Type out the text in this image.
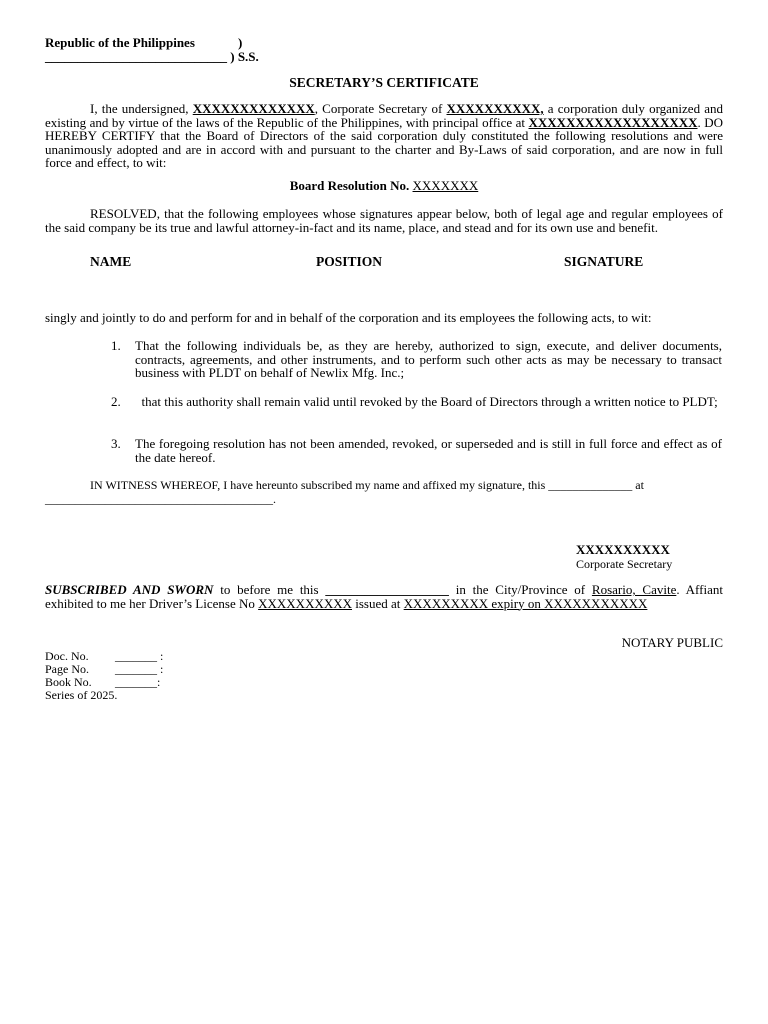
Republic of the Philippines	)
____________________________ ) S.S.
SECRETARY’S CERTIFICATE
I, the undersigned, XXXXXXXXXXXXX, Corporate Secretary of XXXXXXXXXX, a corporation duly organized and existing and by virtue of the laws of the Republic of the Philippines, with principal office at XXXXXXXXXXXXXXXXXX. DO HEREBY CERTIFY that the Board of Directors of the said corporation duly constituted the following resolutions and were unanimously adopted and are in accord with and pursuant to the charter and By-Laws of said corporation, and are now in full force and effect, to wit:
Board Resolution No. XXXXXXX
RESOLVED, that the following employees whose signatures appear below, both of legal age and regular employees of the said company be its true and lawful attorney-in-fact and its name, place, and stead and for its own use and benefit.
NAME	POSITION	SIGNATURE
singly and jointly to do and perform for and in behalf of the corporation and its employees the following acts, to wit:
1. That the following individuals be, as they are hereby, authorized to sign, execute, and deliver documents, contracts, agreements, and other instruments, and to perform such other acts as may be necessary to transact business with PLDT on behalf of Newlix Mfg. Inc.;
2. that this authority shall remain valid until revoked by the Board of Directors through a written notice to PLDT;
3. The foregoing resolution has not been amended, revoked, or superseded and is still in full force and effect as of the date hereof.
IN WITNESS WHEREOF, I have hereunto subscribed my name and affixed my signature, this ______________ at ______________________________________.
XXXXXXXXXX
Corporate Secretary
SUBSCRIBED AND SWORN to before me this ___________________ in the City/Province of Rosario, Cavite. Affiant exhibited to me her Driver’s License No XXXXXXXXXX issued at XXXXXXXXX expiry on XXXXXXXXXXX
NOTARY PUBLIC
Doc. No. _______ :
Page No. _______ :
Book No. _______:
Series of 2025.
